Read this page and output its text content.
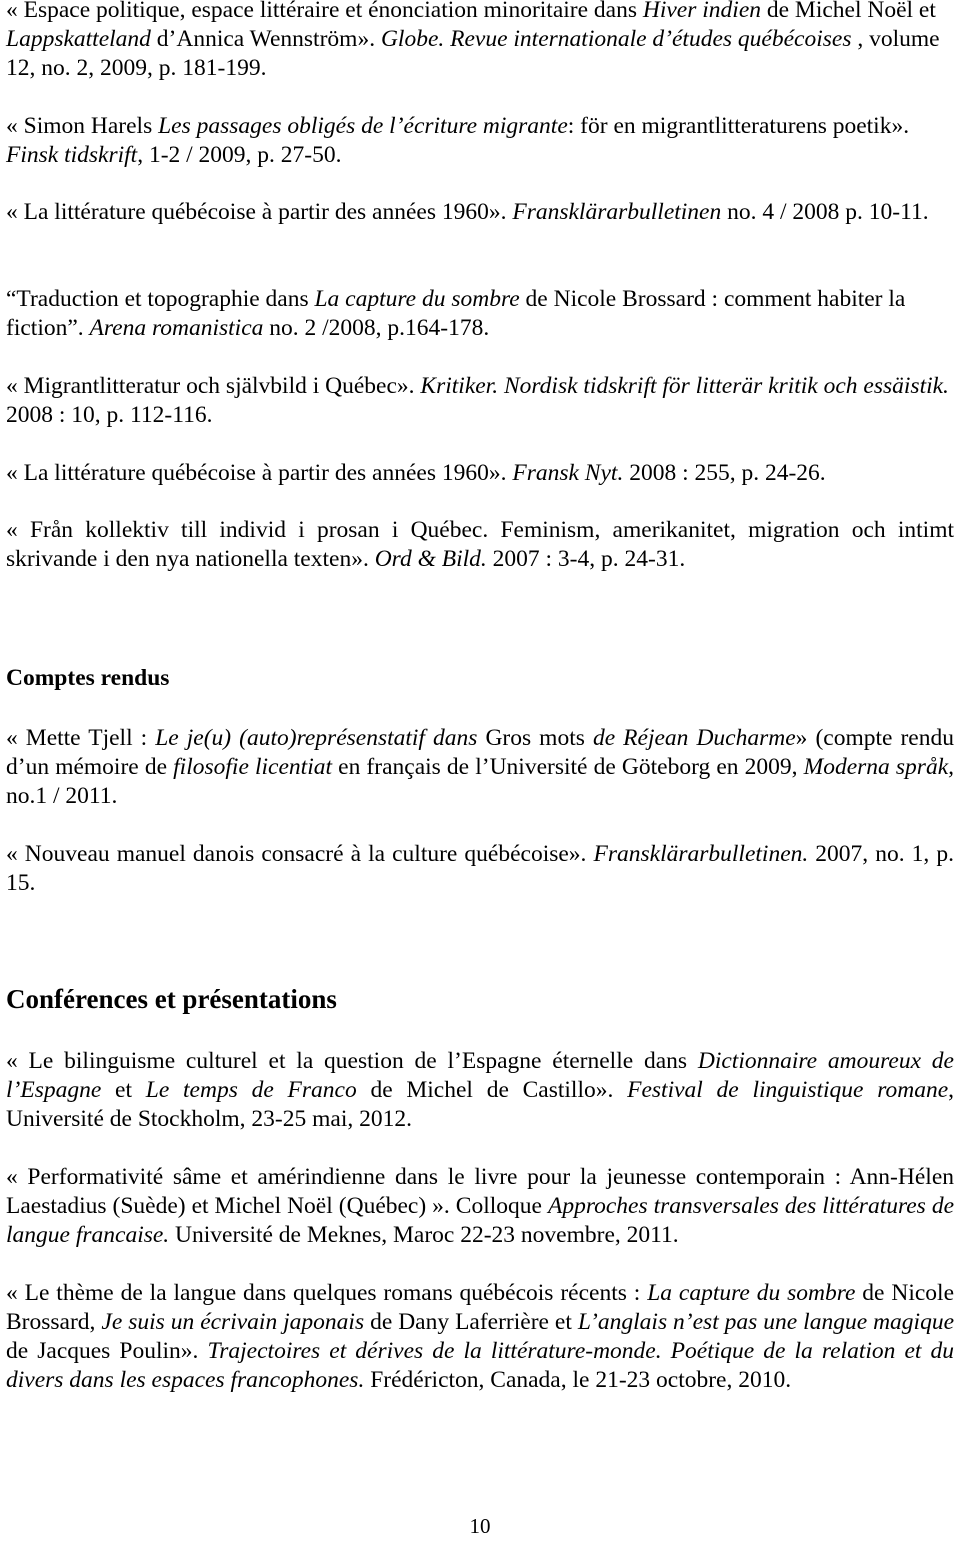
« Espace politique, espace littéraire et énonciation minoritaire dans Hiver indien de Michel Noël et Lappskatteland d’Annica Wennström». Globe. Revue internationale d’études québécoises , volume 12, no. 2, 2009, p. 181-199.

« Simon Harels Les passages obligés de l’écriture migrante: för en migrantlitteraturens poetik». Finsk tidskrift, 1-2 / 2009, p. 27-50.

« La littérature québécoise à partir des années 1960». Fransklärarbulletinen no. 4 / 2008 p. 10-11.

“Traduction et topographie dans La capture du sombre de Nicole Brossard : comment habiter la fiction”. Arena romanistica no. 2 /2008, p.164-178.

« Migrantlitteratur och självbild i Québec». Kritiker. Nordisk tidskrift för litterär kritik och essäistik. 2008 : 10, p. 112-116.

« La littérature québécoise à partir des années 1960». Fransk Nyt. 2008 : 255, p. 24-26.

« Från kollektiv till individ i prosan i Québec. Feminism, amerikanitet, migration och intimt skrivande i den nya nationella texten». Ord & Bild. 2007 : 3-4, p. 24-31.

Comptes rendus

« Mette Tjell : Le je(u) (auto)représenstatif dans Gros mots de Réjean Ducharme» (compte rendu d’un mémoire de filosofie licentiat en français de l’Université de Göteborg en 2009, Moderna språk, no.1 / 2011.

« Nouveau manuel danois consacré à la culture québécoise». Fransklärarbulletinen. 2007, no. 1, p. 15.

Conférences et présentations

« Le bilinguisme culturel et la question de l’Espagne éternelle dans Dictionnaire amoureux de l’Espagne et Le temps de Franco de Michel de Castillo». Festival de linguistique romane, Université de Stockholm, 23-25 mai, 2012.

« Performativité sâme et amérindienne dans le livre pour la jeunesse contemporain : Ann-Hélen Laestadius (Suède) et Michel Noël (Québec) ». Colloque Approches transversales des littératures de langue francaise. Université de Meknes, Maroc 22-23 novembre, 2011.

« Le thème de la langue dans quelques romans québécois récents : La capture du sombre de Nicole Brossard, Je suis un écrivain japonais de Dany Laferrière et L’anglais n’est pas une langue magique de Jacques Poulin». Trajectoires et dérives de la littérature-monde. Poétique de la relation et du divers dans les espaces francophones. Frédéricton, Canada, le 21-23 octobre, 2010.

10
